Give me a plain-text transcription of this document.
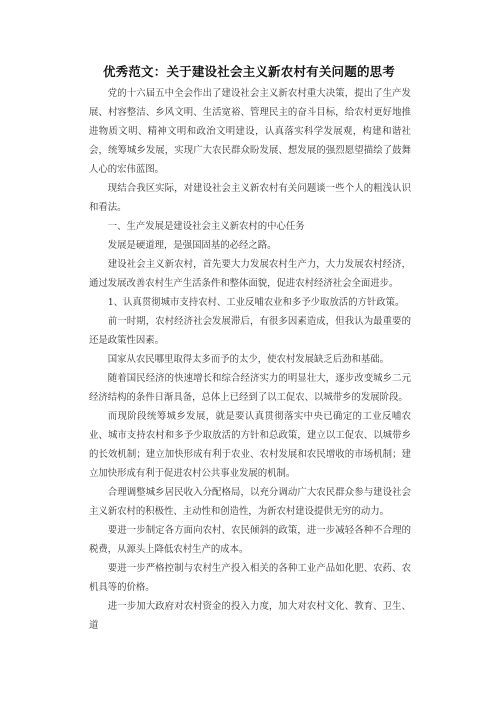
优秀范文：关于建设社会主义新农村有关问题的思考

党的十六届五中全会作出了建设社会主义新农村重大决策，提出了生产发展、村容整洁、乡风文明、生活宽裕、管理民主的奋斗目标，给农村更好地推进物质文明、精神文明和政治文明建设，认真落实科学发展观，构建和谐社会，统筹城乡发展，实现广大农民群众盼发展、想发展的强烈愿望描绘了鼓舞人心的宏伟蓝图。

现结合我区实际，对建设社会主义新农村有关问题谈一些个人的粗浅认识和看法。

一、生产发展是建设社会主义新农村的中心任务

发展是硬道理，是强国固基的必经之路。

建设社会主义新农村，首先要大力发展农村生产力，大力发展农村经济，通过发展改善农村生产生活条件和整体面貌，促进农村经济社会全面进步。

1、认真贯彻城市支持农村、工业反哺农业和多予少取放活的方针政策。

前一时期，农村经济社会发展滞后，有很多因素造成，但我认为最重要的还是政策性因素。

国家从农民哪里取得太多而予的太少，使农村发展缺乏后劲和基础。

随着国民经济的快速增长和综合经济实力的明显壮大，逐步改变城乡二元经济结构的条件日渐具备，总体上已经到了以工促农、以城带乡的发展阶段。

而现阶段统筹城乡发展，就是要认真贯彻落实中央已确定的工业反哺农业、城市支持农村和多予少取放活的方针和总政策，建立以工促农、以城带乡的长效机制；建立加快形成有利于农业、农村发展和农民增收的市场机制；建立加快形成有利于促进农村公共事业发展的机制。

合理调整城乡居民收入分配格局，以充分调动广大农民群众参与建设社会主义新农村的积极性、主动性和创造性，为新农村建设提供无穷的动力。

要进一步制定各方面向农村、农民倾斜的政策，进一步减轻各种不合理的税费，从源头上降低农村生产的成本。

要进一步严格控制与农村生产投入相关的各种工业产品如化肥、农药、农机具等的价格。

进一步加大政府对农村资金的投入力度，加大对农村文化、教育、卫生、道
